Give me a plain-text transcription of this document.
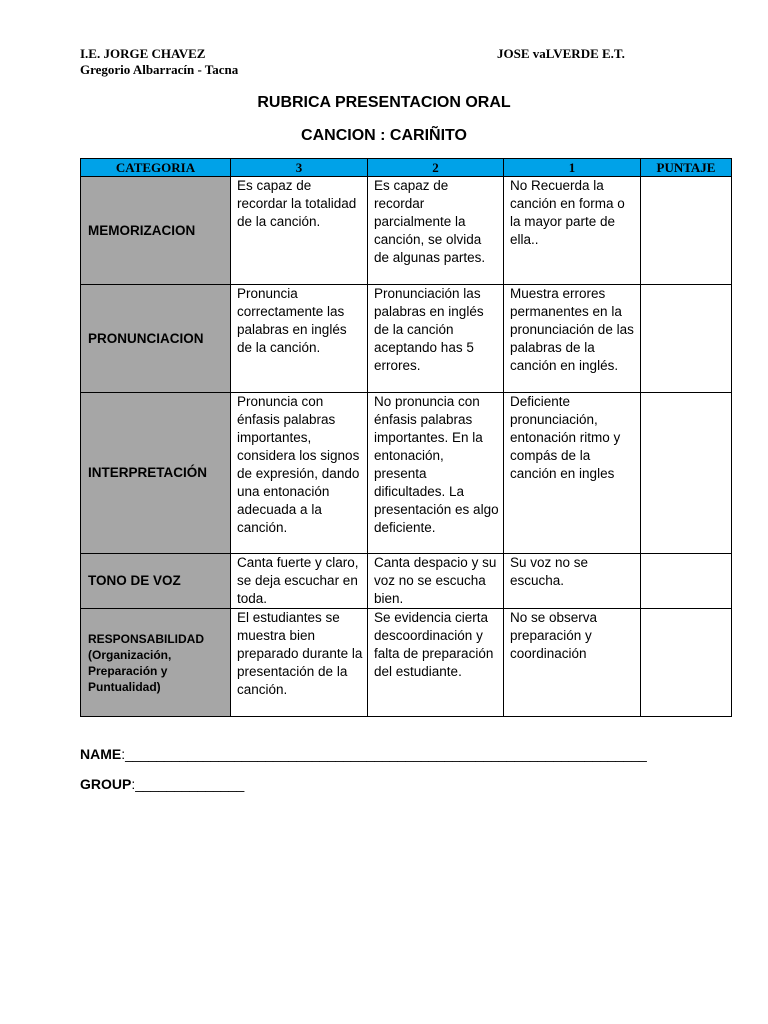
I.E. JORGE CHAVEZ
Gregorio Albarracín - Tacna
JOSE vaLVERDE E.T.
RUBRICA PRESENTACION ORAL
CANCION : CARIÑITO
CATEGORIA	3	2	1	PUNTAJE
MEMORIZACION	Es capaz de recordar la totalidad de la canción.	Es capaz de recordar parcialmente la canción, se olvida de algunas partes.	No Recuerda la canción en forma o la mayor parte de ella..	
PRONUNCIACION	Pronuncia correctamente las palabras en inglés de la canción.	Pronunciación las palabras en inglés de la canción aceptando has 5 errores.	Muestra errores permanentes en la pronunciación de las palabras de la canción en inglés.	
INTERPRETACIÓN	Pronuncia con énfasis palabras importantes, considera los signos de expresión, dando una entonación adecuada a la canción.	No pronuncia con énfasis palabras importantes. En la entonación, presenta dificultades. La presentación es algo deficiente.	Deficiente pronunciación, entonación ritmo y compás de la canción en ingles	
TONO DE VOZ	Canta fuerte y claro, se deja escuchar en toda.	Canta despacio y su voz no se escucha bien.	Su voz no se escucha.	

RESPONSABILIDAD
(Organización, Preparación y Puntualidad)	El estudiantes se muestra bien preparado durante la presentación de la canción.	Se evidencia cierta descoordinación y falta de preparación del estudiante.	No se observa preparación y coordinación	
NAME:___________________________________________________________________
GROUP:______________
